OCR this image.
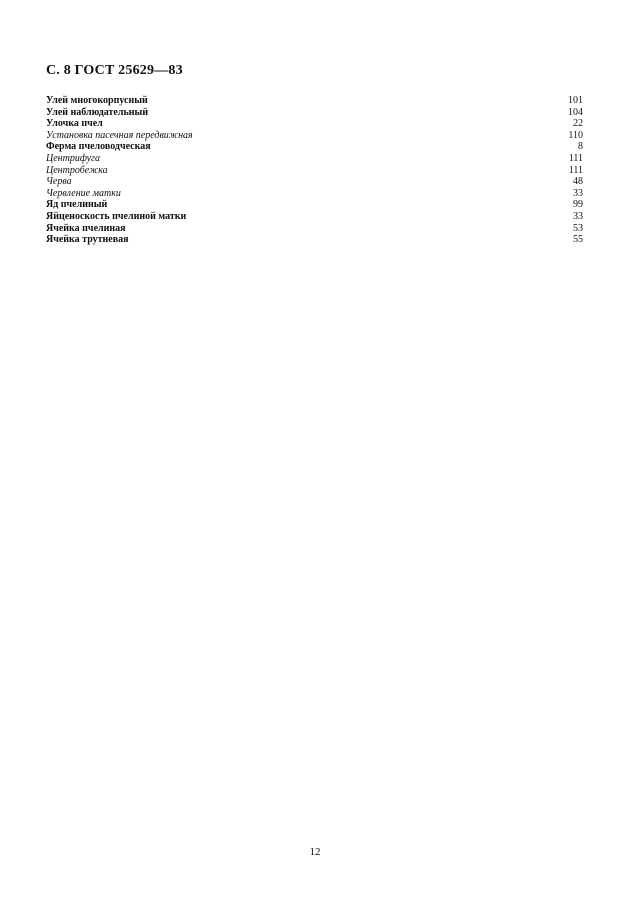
С. 8 ГОСТ 25629—83
Улей многокорпусный	101
Улей наблюдательный	104
Улочка пчел	22
Установка пасечная передвижная	110
Ферма пчеловодческая	8
Центрифуга	111
Центробежка	111
Черва	48
Червление матки	33
Яд пчелиный	99
Яйценоскость пчелиной матки	33
Ячейка пчелиная	53
Ячейка трутневая	55
12
